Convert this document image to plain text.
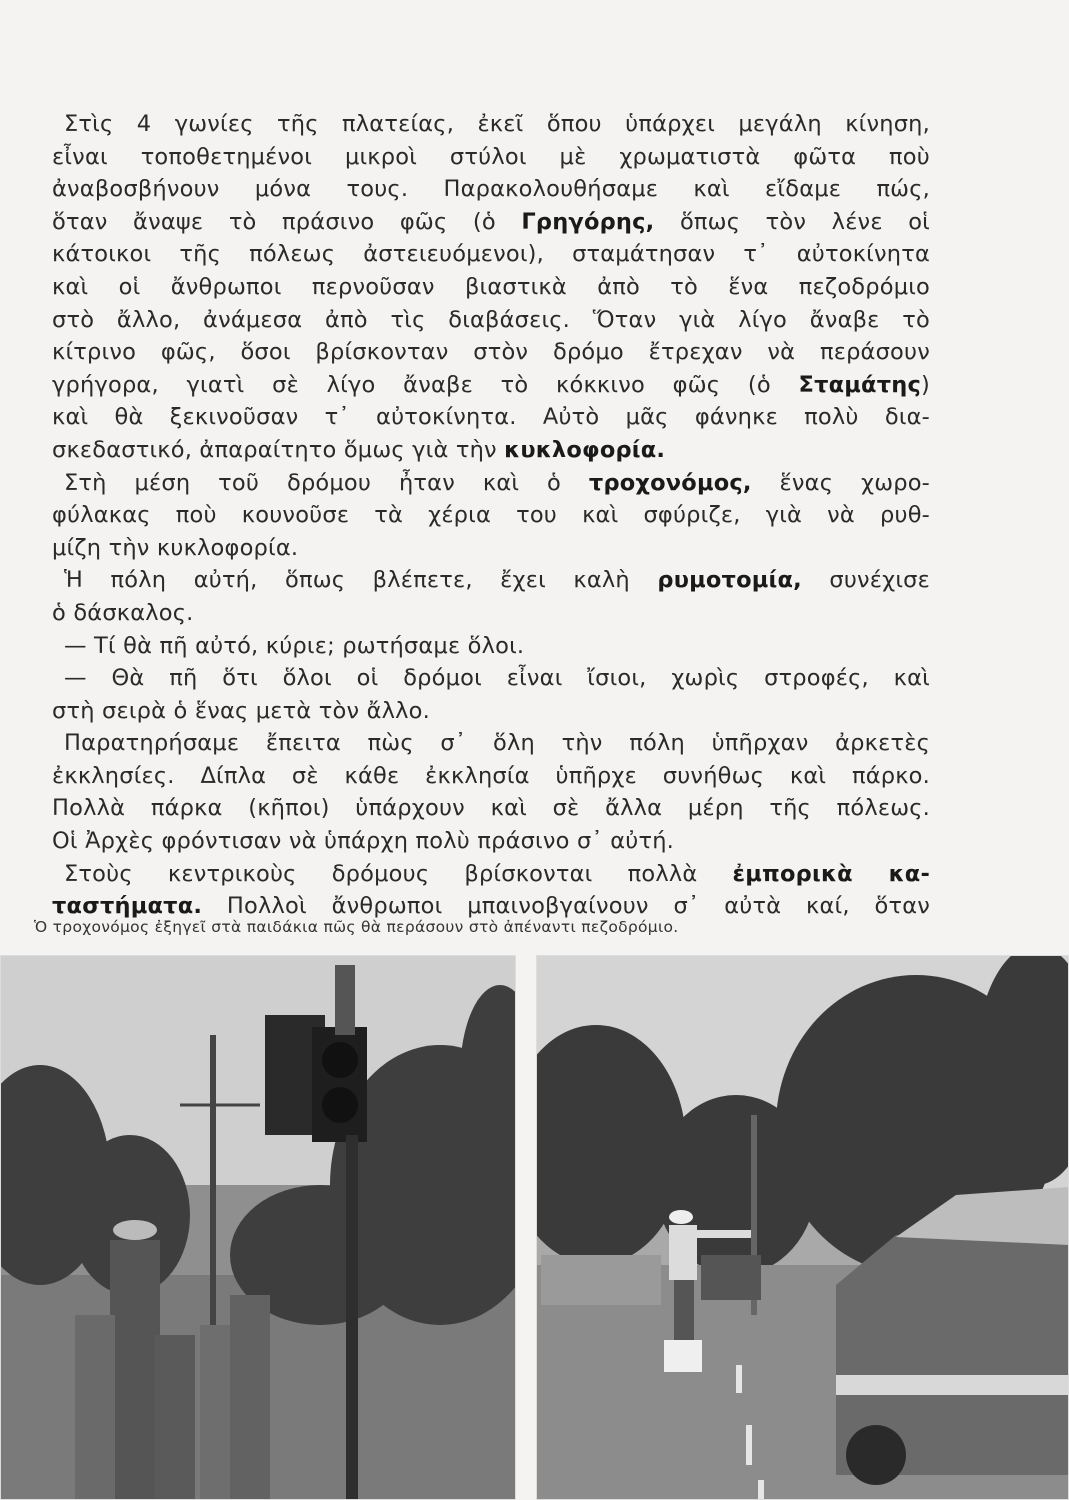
Στὶς 4 γωνίες τῆς πλατείας, ἐκεῖ ὅπου ὑπάρχει μεγάλη κίνηση,
εἶναι τοποθετημένοι μικροὶ στύλοι μὲ χρωματιστὰ φῶτα ποὺ
ἀναβοσβήνουν μόνα τους. Παρακολουθήσαμε καὶ εἴδαμε πώς,
ὅταν ἄναψε τὸ πράσινο φῶς (ὁ Γρηγόρης, ὅπως τὸν λένε οἱ
κάτοικοι τῆς πόλεως ἀστειευόμενοι), σταμάτησαν τ᾽ αὐτοκίνητα
καὶ οἱ ἄνθρωποι περνοῦσαν βιαστικὰ ἀπὸ τὸ ἕνα πεζοδρόμιο
στὸ ἄλλο, ἀνάμεσα ἀπὸ τὶς διαβάσεις. Ὅταν γιὰ λίγο ἄναβε τὸ
κίτρινο φῶς, ὅσοι βρίσκονταν στὸν δρόμο ἔτρεχαν νὰ περάσουν
γρήγορα, γιατὶ σὲ λίγο ἄναβε τὸ κόκκινο φῶς (ὁ Σταμάτης)
καὶ θὰ ξεκινοῦσαν τ᾽ αὐτοκίνητα. Αὐτὸ μᾶς φάνηκε πολὺ δια-
σκεδαστικό, ἀπαραίτητο ὅμως γιὰ τὴν κυκλοφορία.
Στὴ μέση τοῦ δρόμου ἦταν καὶ ὁ τροχονόμος, ἕνας χωρο-
φύλακας ποὺ κουνοῦσε τὰ χέρια του καὶ σφύριζε, γιὰ νὰ ρυθ-
μίζη τὴν κυκλοφορία.
Ἡ πόλη αὐτή, ὅπως βλέπετε, ἔχει καλὴ ρυμοτομία, συνέχισε
ὁ δάσκαλος.
— Τί θὰ πῆ αὐτό, κύριε; ρωτήσαμε ὅλοι.
— Θὰ πῆ ὅτι ὅλοι οἱ δρόμοι εἶναι ἴσιοι, χωρὶς στροφές, καὶ
στὴ σειρὰ ὁ ἕνας μετὰ τὸν ἄλλο.
Παρατηρήσαμε ἔπειτα πὼς σ᾽ ὅλη τὴν πόλη ὑπῆρχαν ἀρκετὲς
ἐκκλησίες. Δίπλα σὲ κάθε ἐκκλησία ὑπῆρχε συνήθως καὶ πάρκο.
Πολλὰ πάρκα (κῆποι) ὑπάρχουν καὶ σὲ ἄλλα μέρη τῆς πόλεως.
Οἱ Ἀρχὲς φρόντισαν νὰ ὑπάρχη πολὺ πράσινο σ᾽ αὐτή.
Στοὺς κεντρικοὺς δρόμους βρίσκονται πολλὰ ἐμπορικὰ κα-
ταστήματα. Πολλοὶ ἄνθρωποι μπαινοβγαίνουν σ᾽ αὐτὰ καί, ὅταν
Ὁ τροχονόμος ἐξηγεῖ στὰ παιδάκια πῶς θὰ περάσουν στὸ ἀπέναντι πεζοδρόμιο.
